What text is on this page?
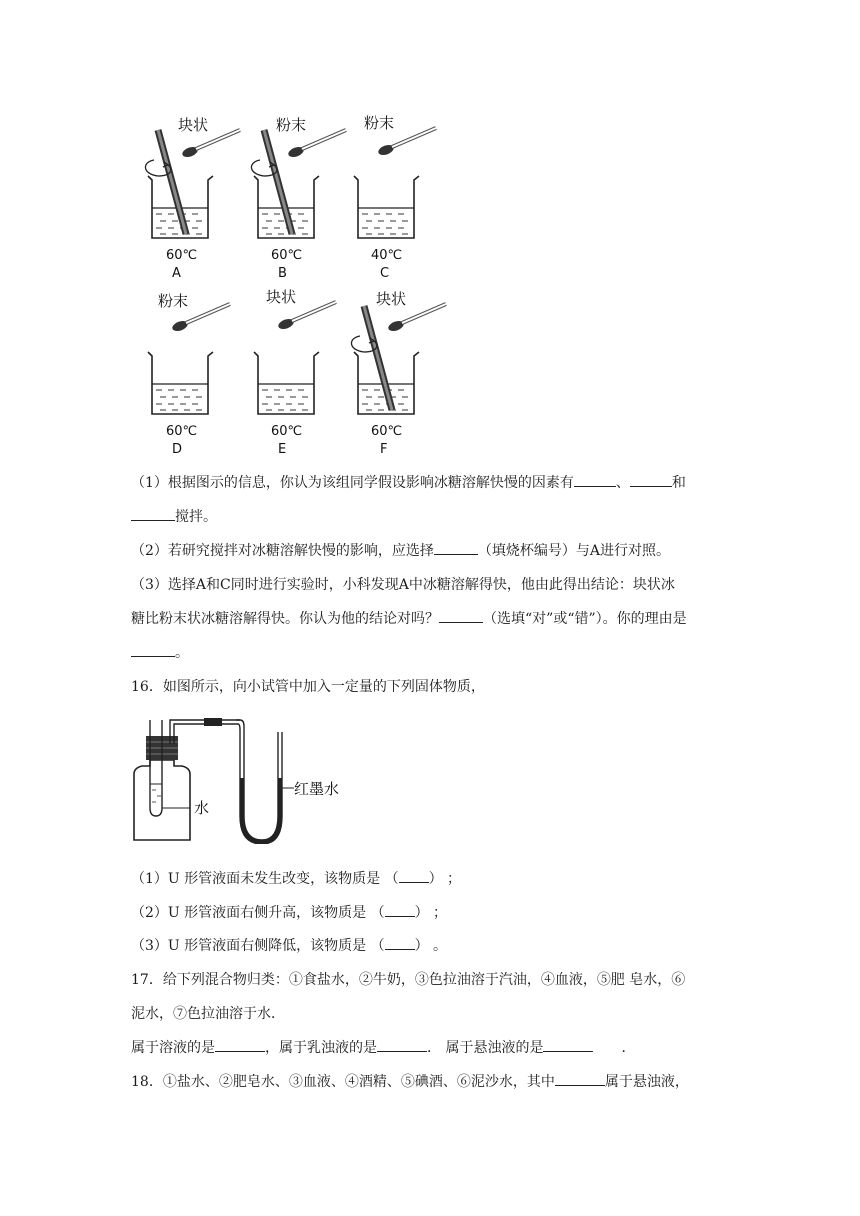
块状
60℃
A
粉末
60℃
B
粉末
40℃
C
粉末
60℃
D
块状
60℃
E
块状
60℃
F
（1）根据图示的信息，你认为该组同学假设影响冰糖溶解快慢的因素有	、	和
搅拌。
（2）若研究搅拌对冰糖溶解快慢的影响，应选择	（填烧杯编号）与A进行对照。
（3）选择A和C同时进行实验时，小科发现A中冰糖溶解得快，他由此得出结论：块状冰
糖比粉末状冰糖溶解得快。你认为他的结论对吗？	（选填“对”或“错”）。你的理由是
。
16．如图所示，向小试管中加入一定量的下列固体物质，
水
红墨水
（1）U 形管液面未发生改变，该物质是 （ ） ；
（2）U 形管液面右侧升高，该物质是 （ ） ；
（3）U 形管液面右侧降低，该物质是 （ ） 。
17．给下列混合物归类：①食盐水，②牛奶，③色拉油溶于汽油，④血液，⑤肥 皂水，⑥
泥水，⑦色拉油溶于水．
属于溶液的是	，属于乳浊液的是	． 属于悬浊液的是	．
18．①盐水、②肥皂水、③血液、④酒精、⑤碘酒、⑥泥沙水，其中	属于悬浊液，
